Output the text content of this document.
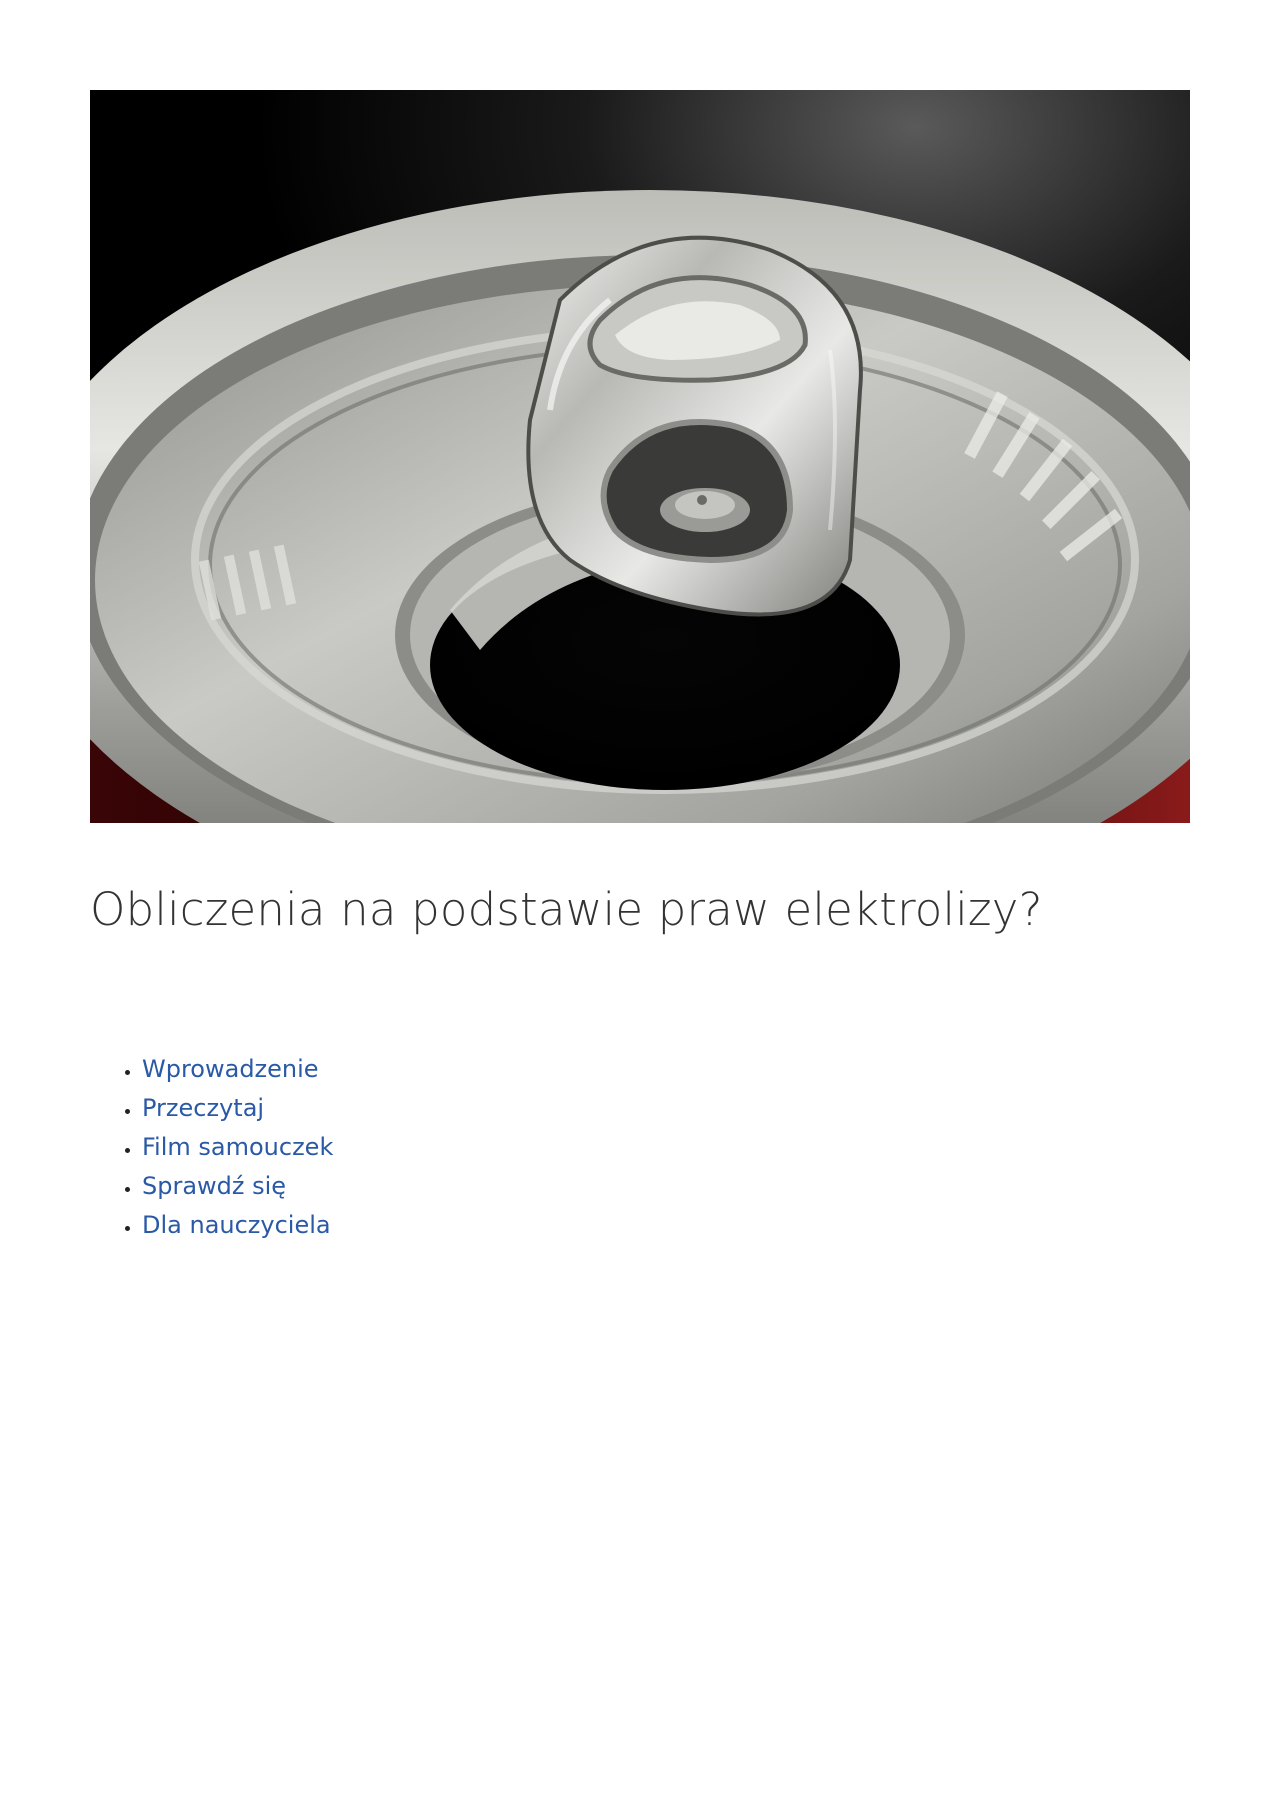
Obliczenia na podstawie praw elektrolizy?
• Wprowadzenie
• Przeczytaj
• Film samouczek
• Sprawdź się
• Dla nauczyciela
